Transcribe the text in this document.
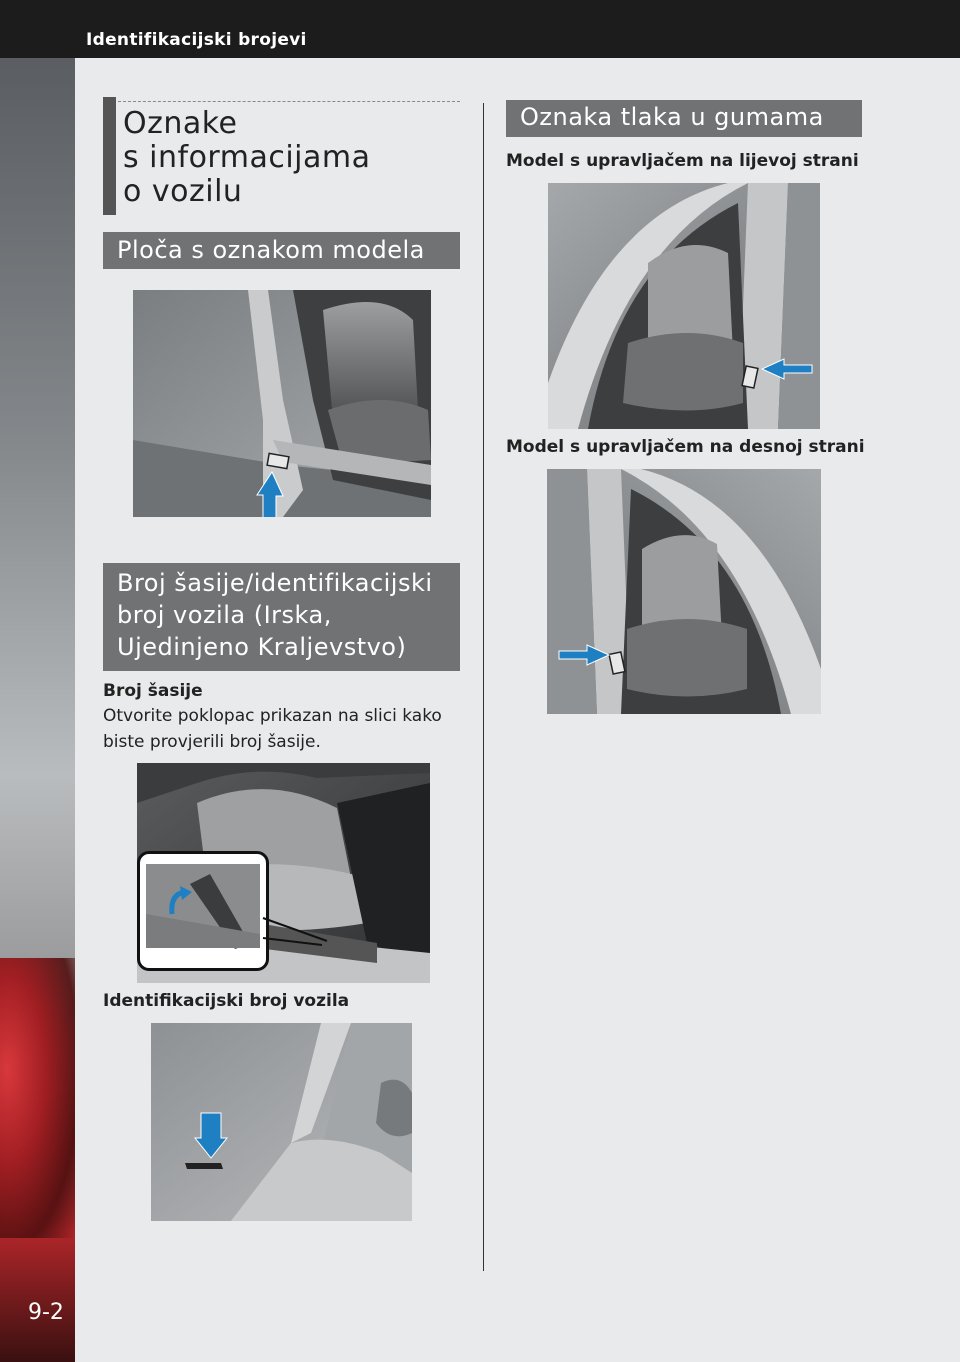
Identifikacijski brojevi
9-2
Oznake
s informacijama
o vozilu
Ploča s oznakom modela
Broj šasije/identifikacijski broj vozila (Irska, Ujedinjeno Kraljevstvo)
Broj šasije
Otvorite poklopac prikazan na slici kako biste provjerili broj šasije.
Identifikacijski broj vozila
Oznaka tlaka u gumama
Model s upravljačem na lijevoj strani
Model s upravljačem na desnoj strani
